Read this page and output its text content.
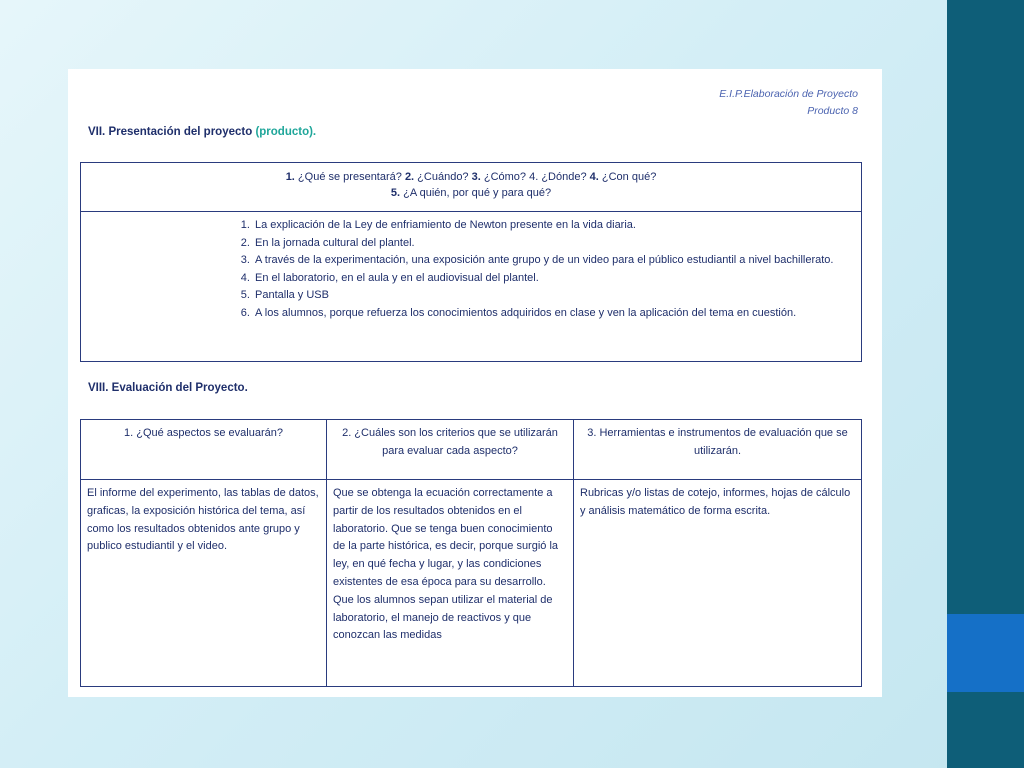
E.I.P.Elaboración de Proyecto
Producto 8
VII. Presentación del proyecto (producto).
1. ¿Qué se presentará? 2. ¿Cuándo? 3. ¿Cómo? 4. ¿Dónde? 4. ¿Con qué?
5. ¿A quién, por qué y para qué?
1. La explicación de la Ley de enfriamiento de Newton presente en la vida diaria.
2. En la jornada cultural del plantel.
3. A través de la experimentación, una exposición ante grupo y de un video para el público estudiantil a nivel bachillerato.
4. En el laboratorio, en el aula y en el audiovisual del plantel.
5. Pantalla y USB
6. A los alumnos, porque refuerza los conocimientos adquiridos en clase y ven la aplicación del tema en cuestión.
VIII. Evaluación del Proyecto.
1. ¿Qué aspectos se evaluarán?	2. ¿Cuáles son los criterios que se utilizarán para evaluar cada aspecto?
3. Herramientas e instrumentos de evaluación que se utilizarán.
El informe del experimento, las tablas de datos, graficas, la exposición histórica del tema, así como los resultados obtenidos ante grupo y publico estudiantil y el video.
Que se obtenga la ecuación correctamente a partir de los resultados obtenidos en el laboratorio. Que se tenga buen conocimiento de la parte histórica, es decir, porque surgió la ley, en qué fecha y lugar, y las condiciones existentes de esa época para su desarrollo. Que los alumnos sepan utilizar el material de laboratorio, el manejo de reactivos y que conozcan las medidas
Rubricas y/o listas de cotejo, informes, hojas de cálculo y análisis matemático de forma escrita.
